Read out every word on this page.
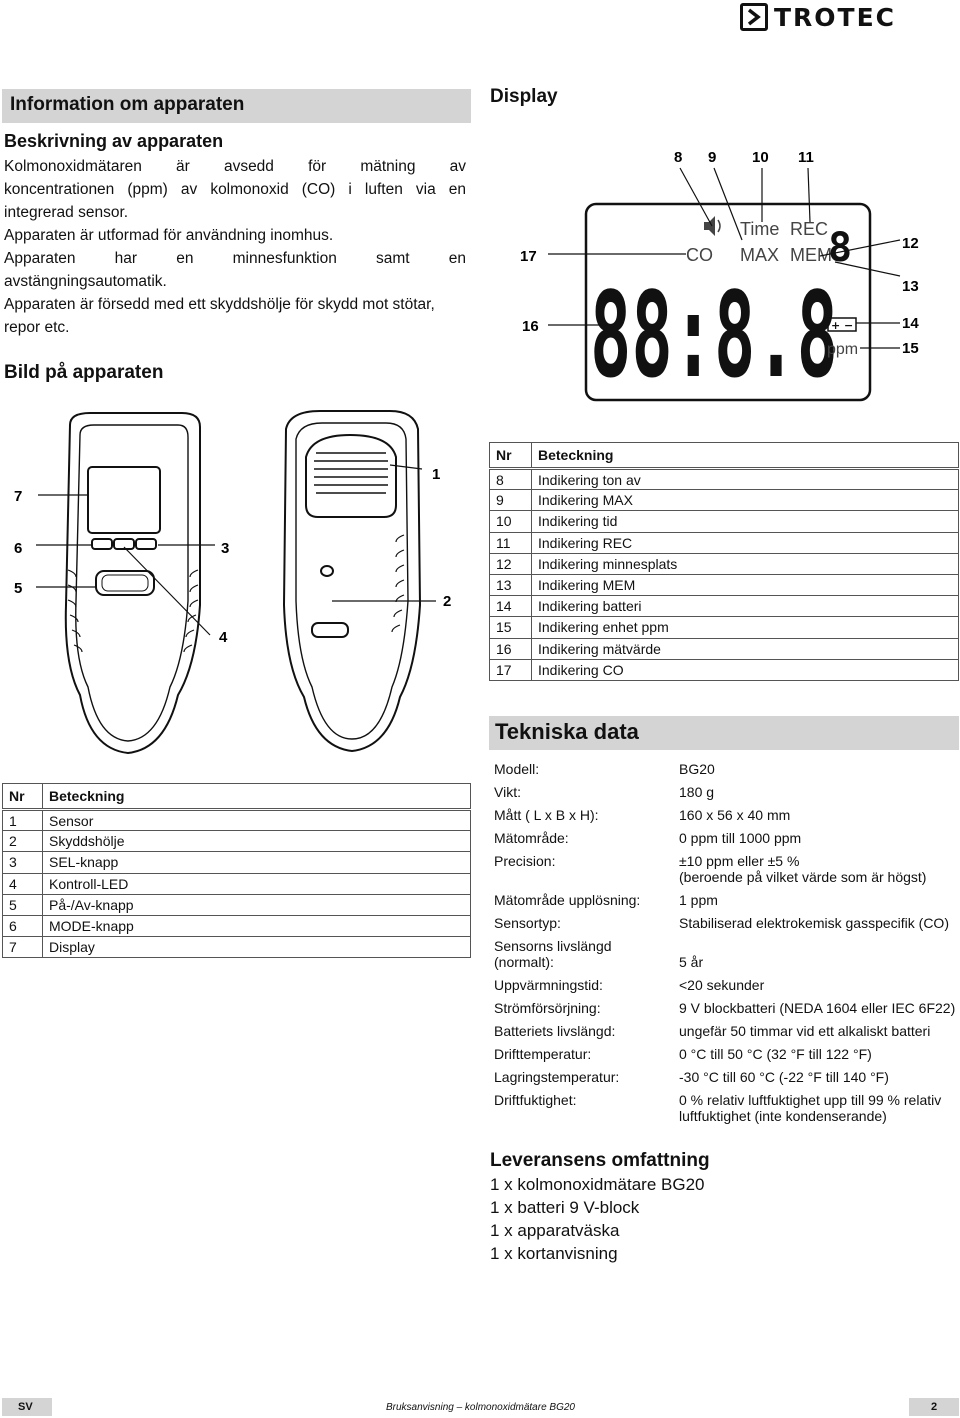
TROTEC
Information om apparaten
Beskrivning av apparaten
Kolmonoxidmätaren är avsedd för mätning av
koncentrationen (ppm) av kolmonoxid (CO) i luften via en
integrerad sensor.
Apparaten är utformad för användning inomhus.
Apparaten har en minnesfunktion samt en
avstängningsautomatik.
Apparaten är försedd med ett skyddshölje för skydd mot stötar,
repor etc.
Bild på apparaten
Display
CO
Time REC
MAX MEM
8
88:8.8
ppm
+ −
8 9 10 11
12
13
14
15
16
17
7
6
5
3
4
1
2
Nr	Beteckning
8	Indikering ton av
9	Indikering MAX
10	Indikering tid
11	Indikering REC
12	Indikering minnesplats
13	Indikering MEM
14	Indikering batteri
15	Indikering enhet ppm
16	Indikering mätvärde
17	Indikering CO
Nr	Beteckning
1	Sensor
2	Skyddshölje
3	SEL-knapp
4	Kontroll-LED
5	På-/Av-knapp
6	MODE-knapp
7	Display
Tekniska data
Modell:	BG20
Vikt:	180 g
Mått ( L x B x H):	160 x 56 x 40 mm
Mätområde:	0 ppm till 1000 ppm
Precision:	±10 ppm eller ±5 %
(beroende på vilket värde som är högst)
Mätområde upplösning:	1 ppm
Sensortyp:	Stabiliserad elektrokemisk gasspecifik (CO)
Sensorns livslängd
(normalt):	5 år
Uppvärmningstid:	<20 sekunder
Strömförsörjning:	9 V blockbatteri (NEDA 1604 eller IEC 6F22)
Batteriets livslängd:	ungefär 50 timmar vid ett alkaliskt batteri
Drifttemperatur:	0 °C till 50 °C (32 °F till 122 °F)
Lagringstemperatur:	-30 °C till 60 °C (-22 °F till 140 °F)
Driftfuktighet:	0 % relativ luftfuktighet upp till 99 % relativ
luftfuktighet (inte kondenserande)
Leveransens omfattning
1 x kolmonoxidmätare BG20
1 x batteri 9 V-block
1 x apparatväska
1 x kortanvisning
SV	Bruksanvisning – kolmonoxidmätare BG20	2
